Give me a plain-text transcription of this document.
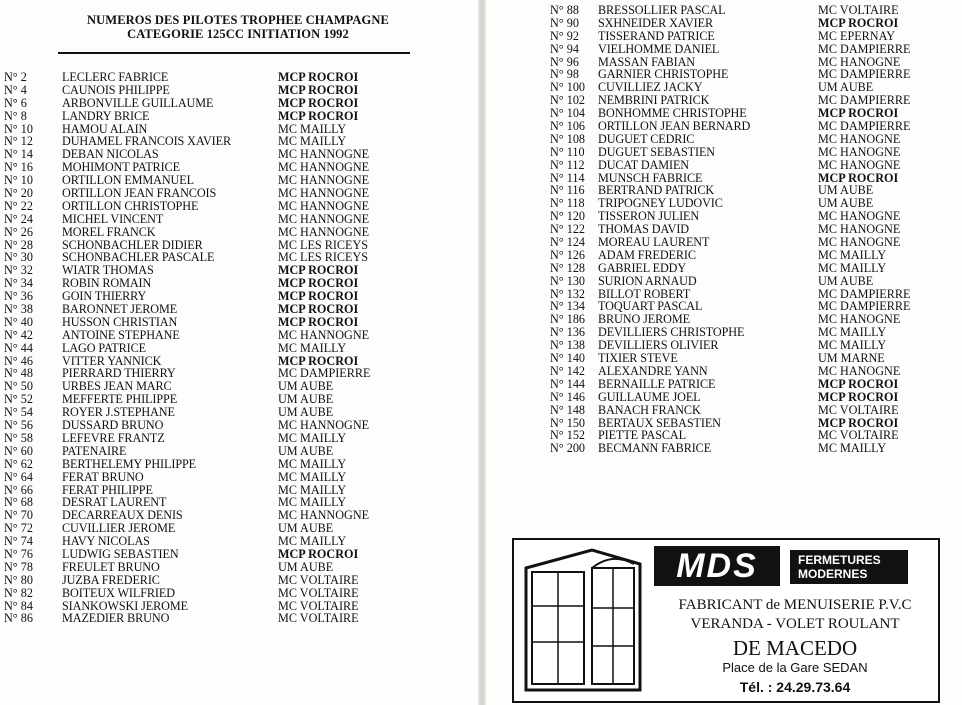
NUMEROS DES PILOTES TROPHEE CHAMPAGNE
CATEGORIE 125CC INITIATION 1992
N° 2	LECLERC FABRICE	MCP ROCROI
N° 4	CAUNOIS PHILIPPE	MCP ROCROI
N° 6	ARBONVILLE GUILLAUME	MCP ROCROI
N° 8	LANDRY BRICE	MCP ROCROI
N° 10 HAMOU ALAIN	MC MAILLY
N° 12 DUHAMEL FRANCOIS XAVIER	MC MAILLY
N° 14 DEBAN NICOLAS	MC HANNOGNE
N° 16 MOHIMONT PATRICE	MC HANNOGNE
N° 10 ORTILLON EMMANUEL	MC HANNOGNE
N° 20 ORTILLON JEAN FRANCOIS	MC HANNOGNE
N° 22 ORTILLON CHRISTOPHE	MC HANNOGNE
N° 24 MICHEL VINCENT	MC HANNOGNE
N° 26 MOREL FRANCK	MC HANNOGNE
N° 28 SCHONBACHLER DIDIER	MC LES RICEYS
N° 30 SCHONBACHLER PASCALE	MC LES RICEYS
N° 32 WIATR THOMAS	MCP ROCROI
N° 34 ROBIN ROMAIN	MCP ROCROI
N° 36 GOIN THIERRY	MCP ROCROI
N° 38 BARONNET JEROME	MCP ROCROI
N° 40 HUSSON CHRISTIAN	MCP ROCROI
N° 42 ANTOINE STEPHANE	MC HANNOGNE
N° 44 LAGO PATRICE	MC MAILLY
N° 46 VITTER YANNICK	MCP ROCROI
N° 48 PIERRARD THIERRY	MC DAMPIERRE
N° 50 URBES JEAN MARC	UM AUBE
N° 52 MEFFERTE PHILIPPE	UM AUBE
N° 54 ROYER J.STEPHANE	UM AUBE
N° 56 DUSSARD BRUNO	MC HANNOGNE
N° 58 LEFEVRE FRANTZ	MC MAILLY
N° 60 PATENAIRE	UM AUBE
N° 62 BERTHELEMY PHILIPPE	MC MAILLY
N° 64 FERAT BRUNO	MC MAILLY
N° 66 FERAT PHILIPPE	MC MAILLY
N° 68 DESRAT LAURENT	MC MAILLY
N° 70 DECARREAUX DENIS	MC HANNOGNE
N° 72 CUVILLIER JEROME	UM AUBE
N° 74 HAVY NICOLAS	MC MAILLY
N° 76 LUDWIG SEBASTIEN	MCP ROCROI
N° 78 FREULET BRUNO	UM AUBE
N° 80 JUZBA FREDERIC	MC VOLTAIRE
N° 82 BOITEUX WILFRIED	MC VOLTAIRE
N° 84 SIANKOWSKI JEROME	MC VOLTAIRE
N° 86 MAZEDIER BRUNO	MC VOLTAIRE
N° 88 BRESSOLLIER PASCAL	MC VOLTAIRE
N° 90 SXHNEIDER XAVIER	MCP ROCROI
N° 92 TISSERAND PATRICE	MC EPERNAY
N° 94 VIELHOMME DANIEL	MC DAMPIERRE
N° 96 MASSAN FABIAN	MC HANOGNE
N° 98 GARNIER CHRISTOPHE	MC DAMPIERRE
N° 100 CUVILLIEZ JACKY	UM AUBE
N° 102 NEMBRINI PATRICK	MC DAMPIERRE
N° 104 BONHOMME CHRISTOPHE	MCP ROCROI
N° 106 ORTILLON JEAN BERNARD	MC DAMPIERRE
N° 108 DUGUET CEDRIC	MC HANOGNE
N° 110 DUGUET SEBASTIEN	MC HANOGNE
N° 112 DUCAT DAMIEN	MC HANOGNE
N° 114 MUNSCH FABRICE	MCP ROCROI
N° 116 BERTRAND PATRICK	UM AUBE
N° 118 TRIPOGNEY LUDOVIC	UM AUBE
N° 120 TISSERON JULIEN	MC HANOGNE
N° 122 THOMAS DAVID	MC HANOGNE
N° 124 MOREAU LAURENT	MC HANOGNE
N° 126 ADAM FREDERIC	MC MAILLY
N° 128 GABRIEL EDDY	MC MAILLY
N° 130 SURION ARNAUD	UM AUBE
N° 132 BILLOT ROBERT	MC DAMPIERRE
N° 134 TOQUART PASCAL	MC DAMPIERRE
N° 186 BRUNO JEROME	MC HANOGNE
N° 136 DEVILLIERS CHRISTOPHE	MC MAILLY
N° 138 DEVILLIERS OLIVIER	MC MAILLY
N° 140 TIXIER STEVE	UM MARNE
N° 142 ALEXANDRE YANN	MC HANOGNE
N° 144 BERNAILLE PATRICE	MCP ROCROI
N° 146 GUILLAUME JOEL	MCP ROCROI
N° 148 BANACH FRANCK	MC VOLTAIRE
N° 150 BERTAUX SEBASTIEN	MCP ROCROI
N° 152 PIETTE PASCAL	MC VOLTAIRE
N° 200 BECMANN FABRICE	MC MAILLY
MDS	FERMETURES
MODERNES
FABRICANT de MENUISERIE P.V.C
VERANDA - VOLET ROULANT
DE MACEDO
Place de la Gare SEDAN
Tél. : 24.29.73.64
